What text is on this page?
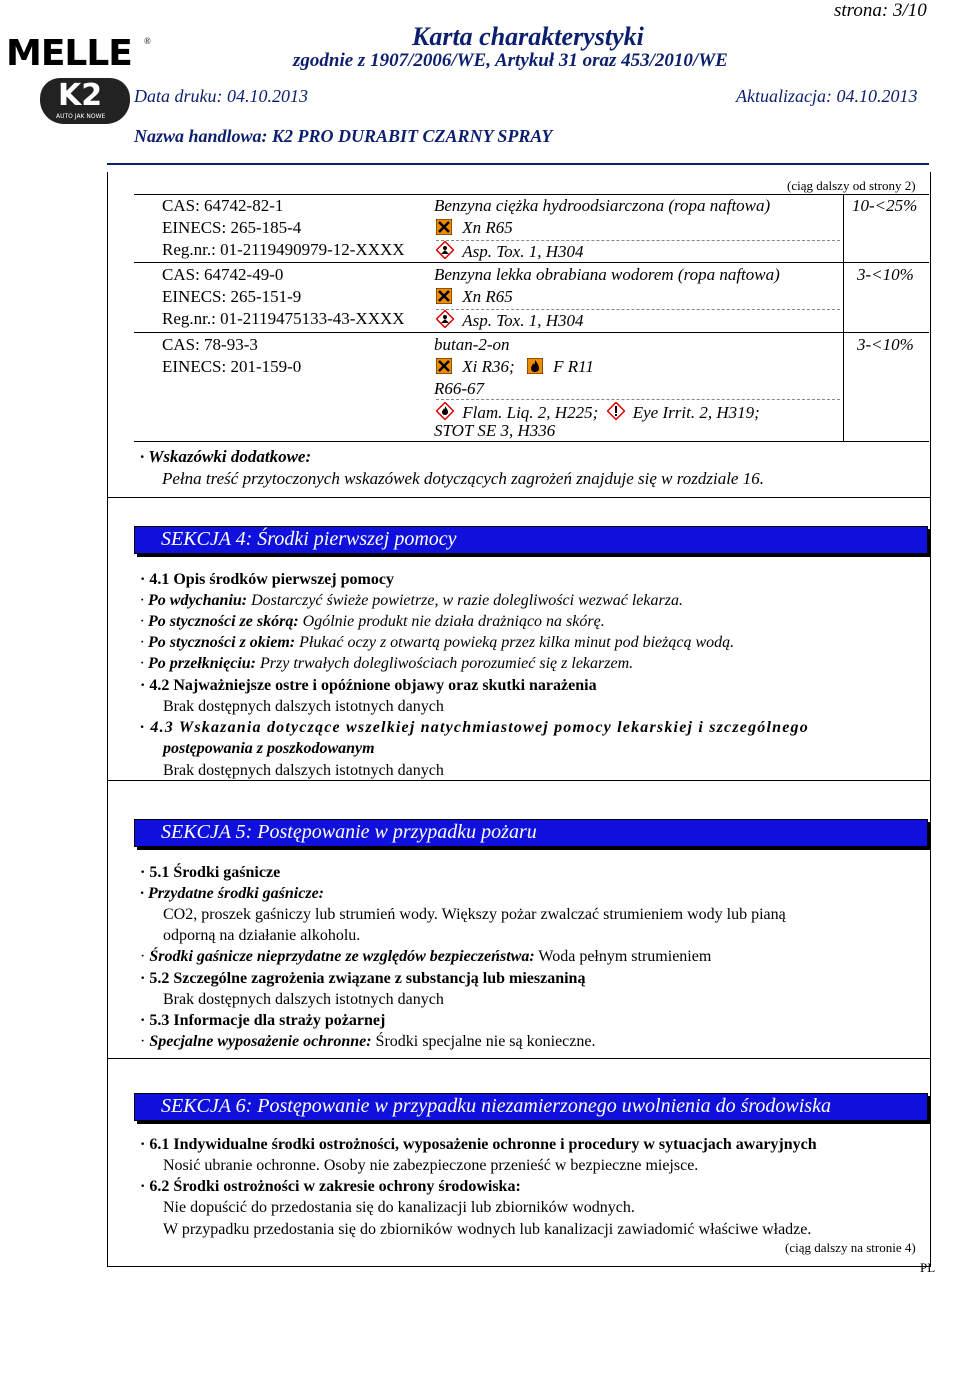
strona: 3/10
MELLE ®
K2
AUTO JAK NOWE
Karta charakterystyki
zgodnie z 1907/2006/WE, Artykuł 31 oraz 453/2010/WE
Data druku: 04.10.2013	Aktualizacja: 04.10.2013
Nazwa handlowa: K2 PRO DURABIT CZARNY SPRAY
(ciąg dalszy od strony 2)
CAS: 64742-82-1
EINECS: 265-185-4
Reg.nr.: 01-2119490979-12-XXXX
Benzyna ciężka hydroodsiarczona (ropa naftowa)
Xn R65
Asp. Tox. 1, H304
10-<25%
CAS: 64742-49-0
EINECS: 265-151-9
Reg.nr.: 01-2119475133-43-XXXX
Benzyna lekka obrabiana wodorem (ropa naftowa)
Xn R65
Asp. Tox. 1, H304
3-<10%
CAS: 78-93-3
EINECS: 201-159-0
butan-2-on
Xi R36; F R11
R66-67
Flam. Liq. 2, H225; Eye Irrit. 2, H319;
STOT SE 3, H336
3-<10%
· Wskazówki dodatkowe:
Pełna treść przytoczonych wskazówek dotyczących zagrożeń znajduje się w rozdziale 16.
SEKCJA 4: Środki pierwszej pomocy
· 4.1 Opis środków pierwszej pomocy
· Po wdychaniu: Dostarczyć świeże powietrze, w razie dolegliwości wezwać lekarza.
· Po styczności ze skórą: Ogólnie produkt nie działa drażniąco na skórę.
· Po styczności z okiem: Płukać oczy z otwartą powieką przez kilka minut pod bieżącą wodą.
· Po przełknięciu: Przy trwałych dolegliwościach porozumieć się z lekarzem.
· 4.2 Najważniejsze ostre i opóźnione objawy oraz skutki narażenia
Brak dostępnych dalszych istotnych danych
· 4.3 Wskazania dotyczące wszelkiej natychmiastowej pomocy lekarskiej i szczególnego
postępowania z poszkodowanym
Brak dostępnych dalszych istotnych danych
SEKCJA 5: Postępowanie w przypadku pożaru
· 5.1 Środki gaśnicze
· Przydatne środki gaśnicze:
CO2, proszek gaśniczy lub strumień wody. Większy pożar zwalczać strumieniem wody lub pianą
odporną na działanie alkoholu.
· Środki gaśnicze nieprzydatne ze względów bezpieczeństwa: Woda pełnym strumieniem
· 5.2 Szczególne zagrożenia związane z substancją lub mieszaniną
Brak dostępnych dalszych istotnych danych
· 5.3 Informacje dla straży pożarnej
· Specjalne wyposażenie ochronne: Środki specjalne nie są konieczne.
SEKCJA 6: Postępowanie w przypadku niezamierzonego uwolnienia do środowiska
· 6.1 Indywidualne środki ostrożności, wyposażenie ochronne i procedury w sytuacjach awaryjnych
Nosić ubranie ochronne. Osoby nie zabezpieczone przenieść w bezpieczne miejsce.
· 6.2 Środki ostrożności w zakresie ochrony środowiska:
Nie dopuścić do przedostania się do kanalizacji lub zbiorników wodnych.
W przypadku przedostania się do zbiorników wodnych lub kanalizacji zawiadomić właściwe władze.
(ciąg dalszy na stronie 4)
PL
